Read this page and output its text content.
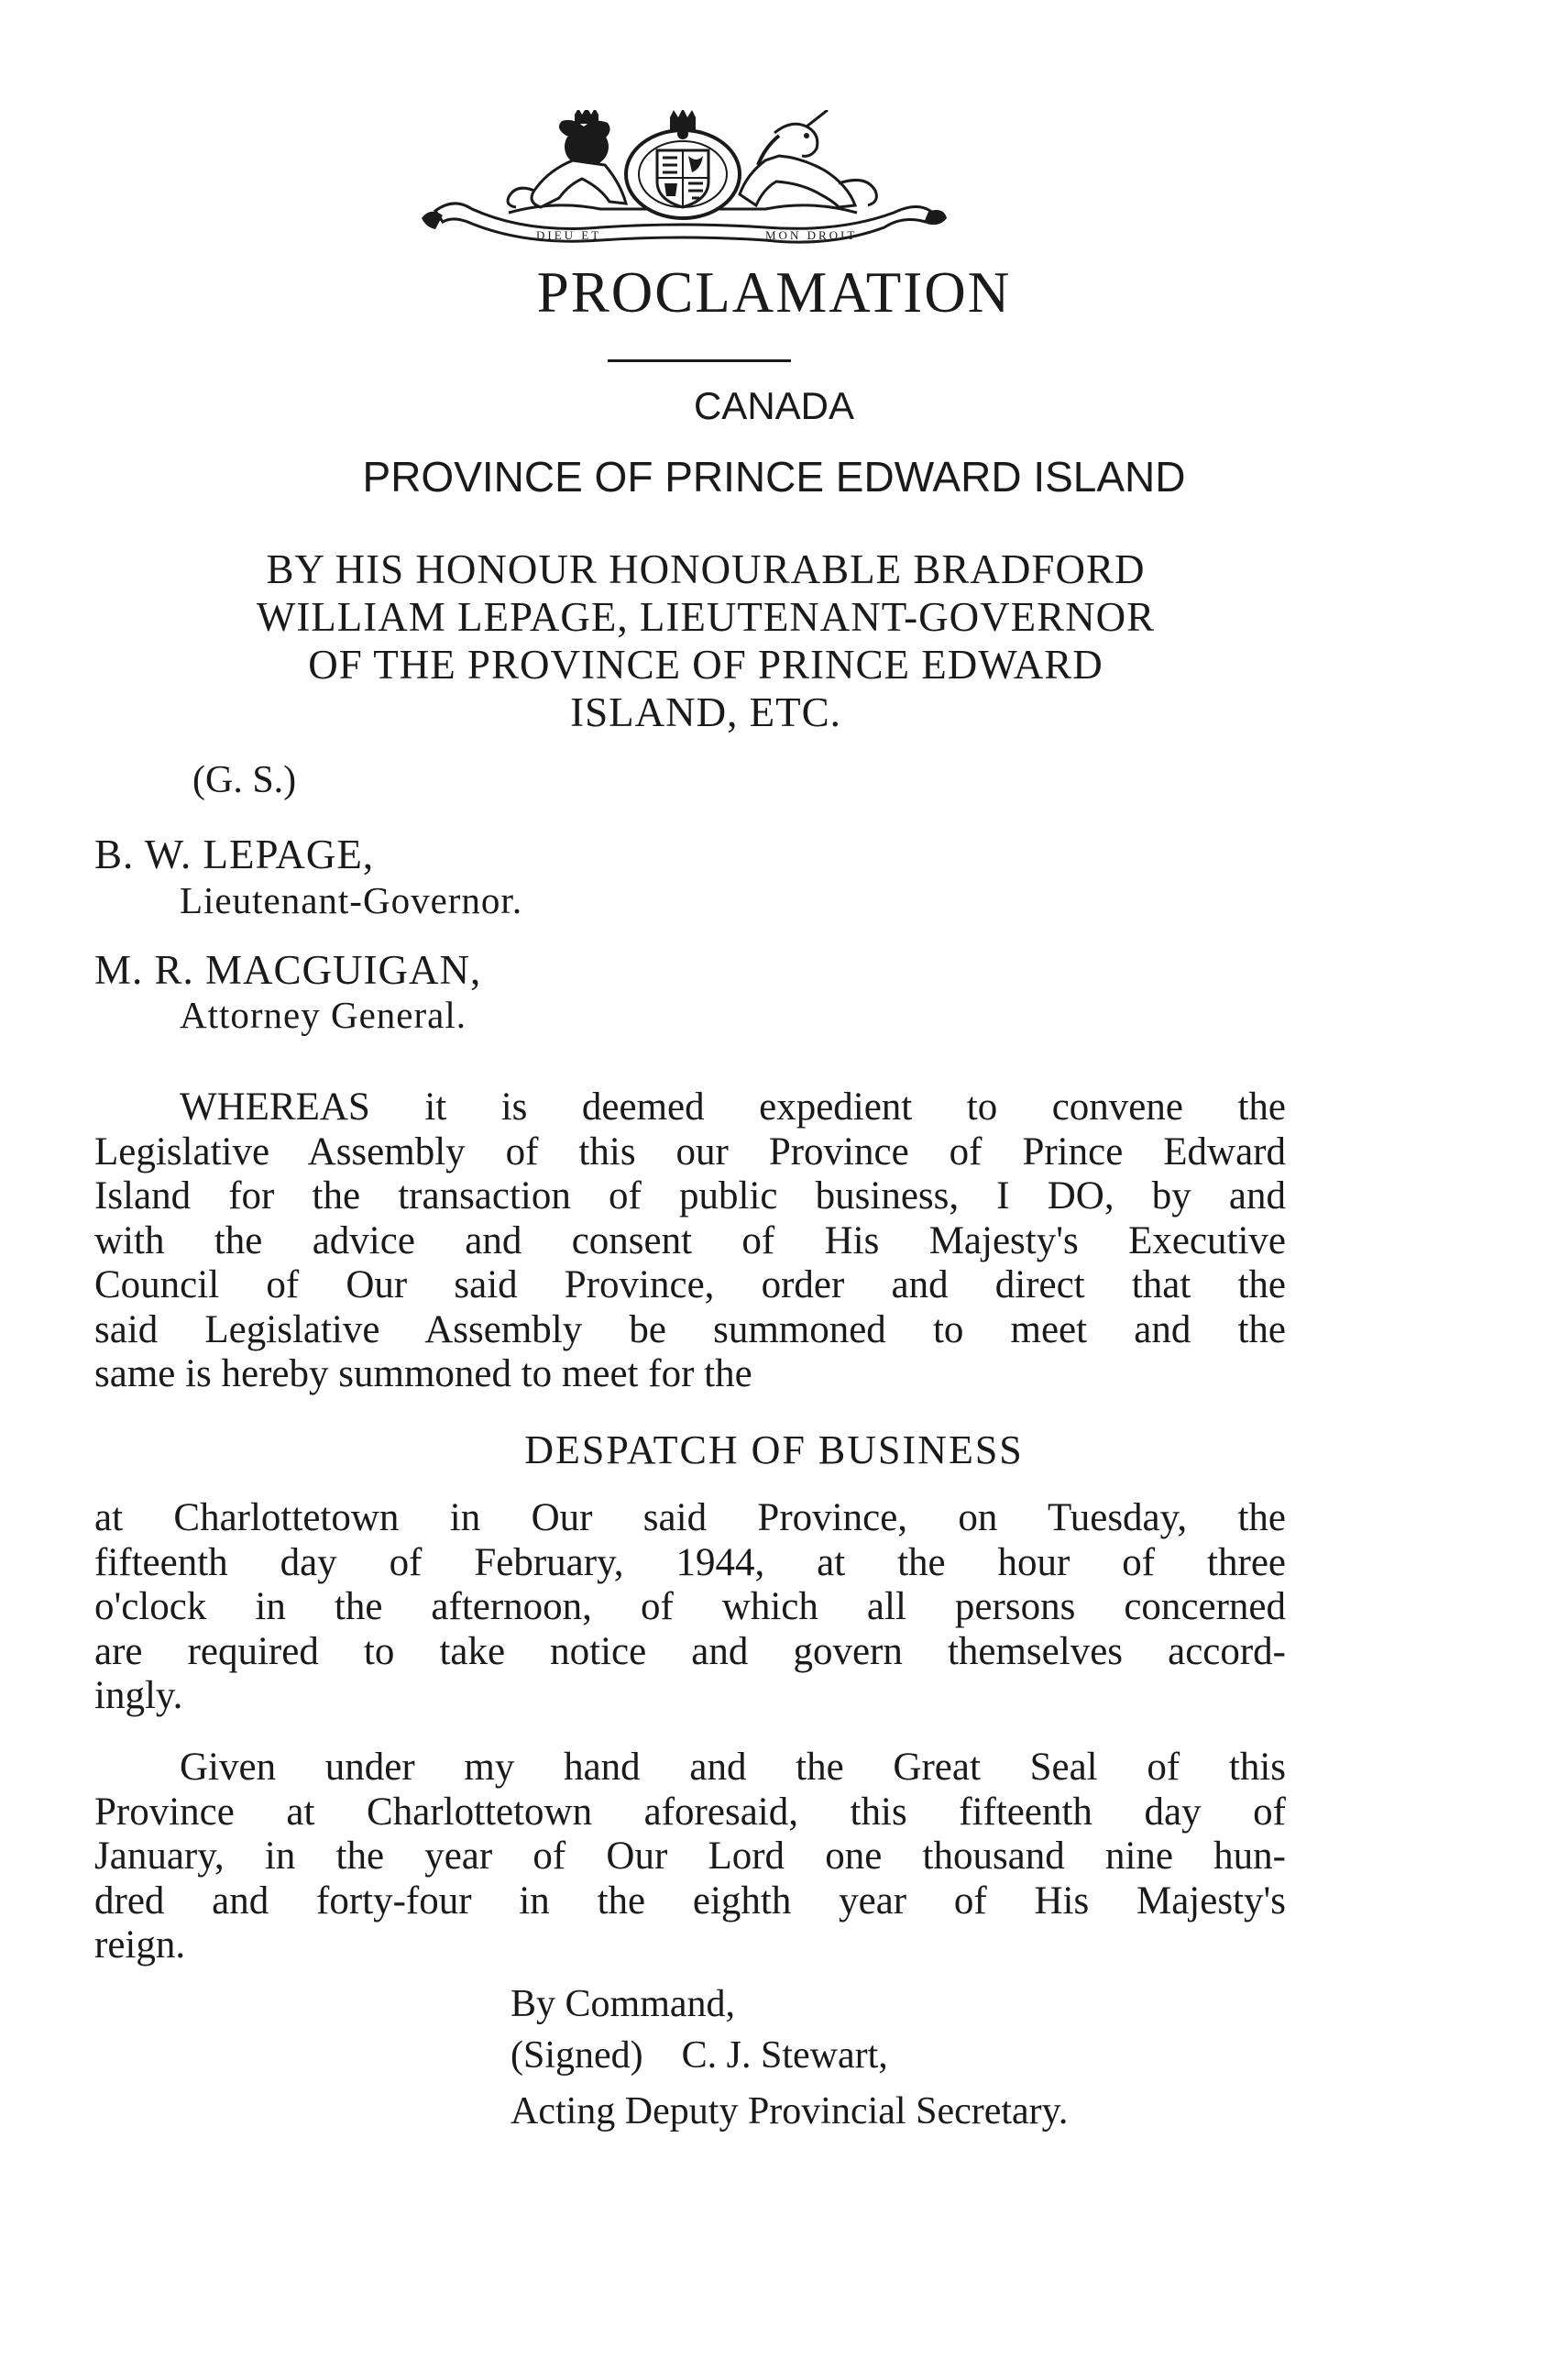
DIEU ET	MON DROIT
PROCLAMATION
CANADA
PROVINCE OF PRINCE EDWARD ISLAND
BY HIS HONOUR HONOURABLE BRADFORD
WILLIAM LEPAGE, LIEUTENANT-GOVERNOR
OF THE PROVINCE OF PRINCE EDWARD
ISLAND, ETC.
(G. S.)
B. W. LEPAGE,
Lieutenant-Governor.
M. R. MACGUIGAN,
Attorney General.
WHEREAS it is deemed expedient to convene the
Legislative Assembly of this our Province of Prince Edward
Island for the transaction of public business, I DO, by and
with the advice and consent of His Majesty's Executive
Council of Our said Province, order and direct that the
said Legislative Assembly be summoned to meet and the
same is hereby summoned to meet for the
DESPATCH OF BUSINESS
at Charlottetown in Our said Province, on Tuesday, the
fifteenth day of February, 1944, at the hour of three
o'clock in the afternoon, of which all persons concerned
are required to take notice and govern themselves accord-
ingly.
Given under my hand and the Great Seal of this
Province at Charlottetown aforesaid, this fifteenth day of
January, in the year of Our Lord one thousand nine hun-
dred and forty-four in the eighth year of His Majesty's
reign.
By Command,
(Signed) C. J. Stewart,
Acting Deputy Provincial Secretary.
